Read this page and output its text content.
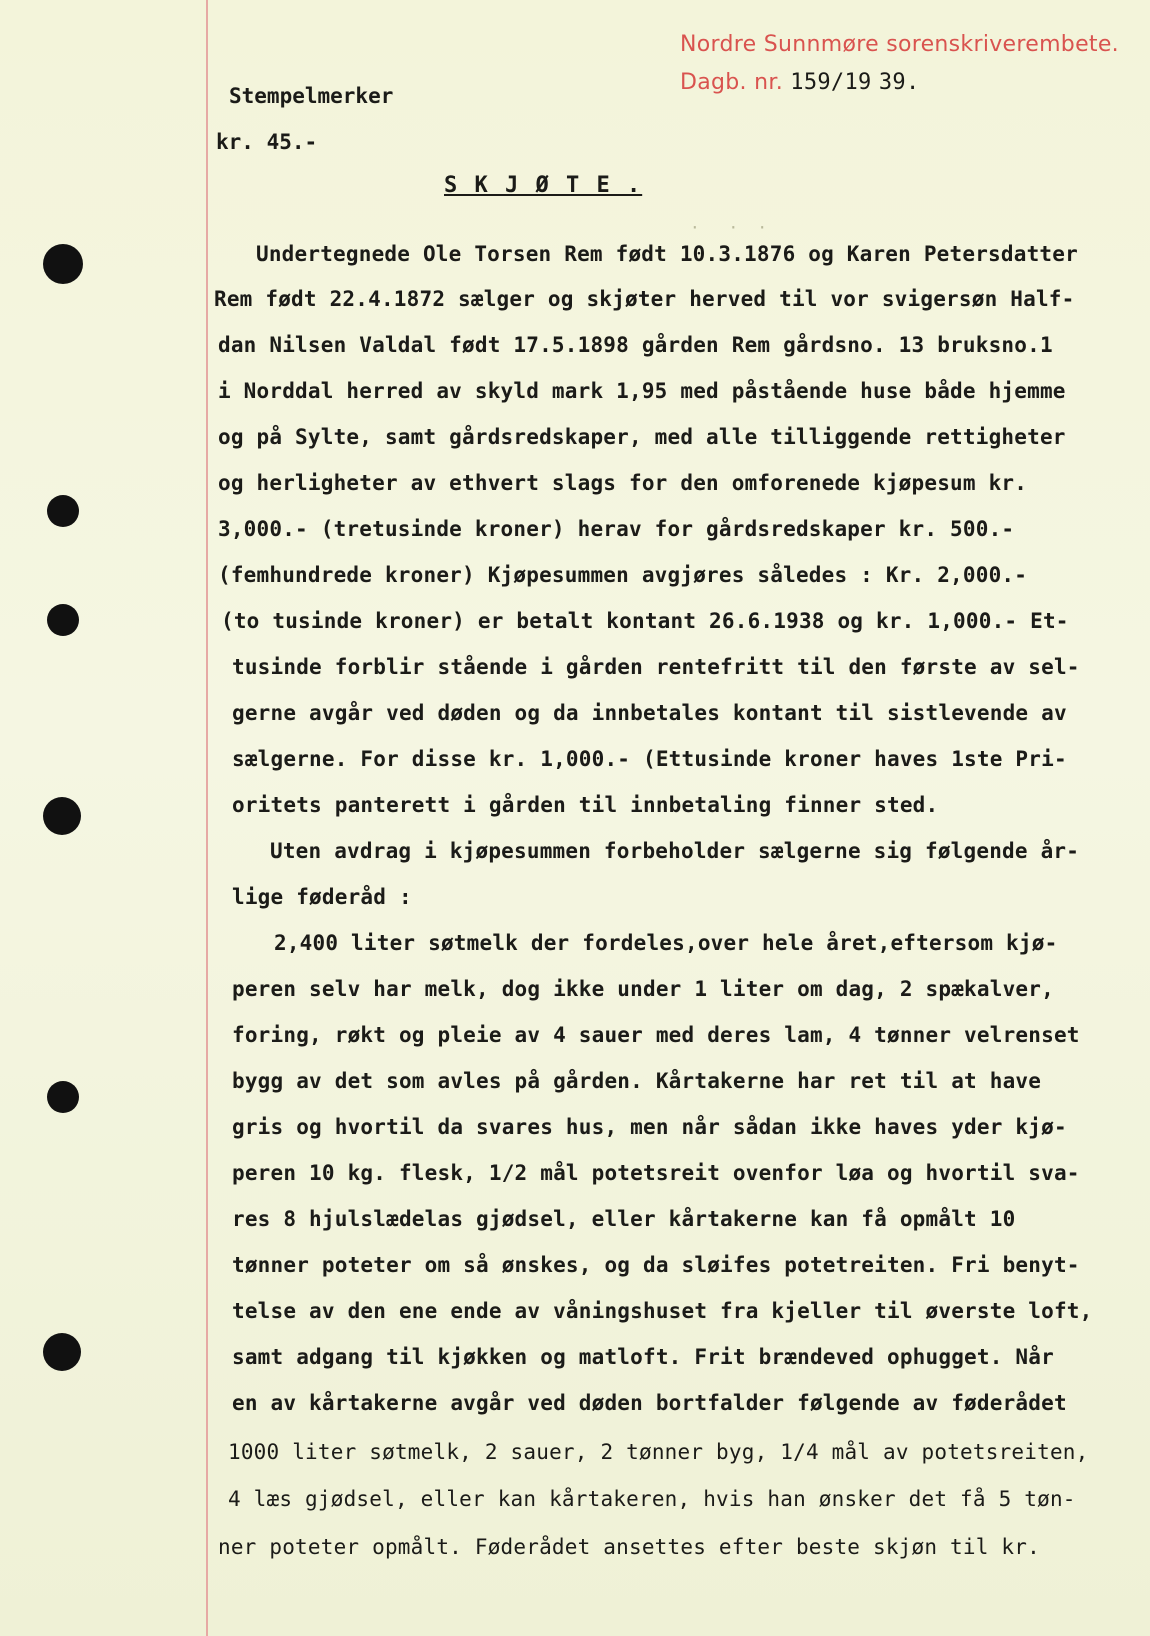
Nordre Sunnmøre sorenskriverembete.
Dagb. nr. 159/19 39.
Stempelmerker
kr. 45.-
S K J Ø T E .
·   ·  ·
Undertegnede Ole Torsen Rem født 10.3.1876 og Karen Petersdatter
Rem født 22.4.1872 sælger og skjøter herved til vor svigersøn Half-
dan Nilsen Valdal født 17.5.1898 gården Rem gårdsno. 13 bruksno.1
i Norddal herred av skyld mark 1,95 med påstående huse både hjemme
og på Sylte, samt gårdsredskaper, med alle tilliggende rettigheter
og herligheter av ethvert slags for den omforenede kjøpesum kr.
3,000.- (tretusinde kroner) herav for gårdsredskaper kr. 500.-
(femhundrede kroner) Kjøpesummen avgjøres således : Kr. 2,000.-
(to tusinde kroner) er betalt kontant 26.6.1938 og kr. 1,000.- Et-
tusinde forblir stående i gården rentefritt til den første av sel-
gerne avgår ved døden og da innbetales kontant til sistlevende av
sælgerne. For disse kr. 1,000.- (Ettusinde kroner haves 1ste Pri-
oritets panterett i gården til innbetaling finner sted.
Uten avdrag i kjøpesummen forbeholder sælgerne sig følgende år-
lige føderåd :
2,400 liter søtmelk der fordeles,over hele året,eftersom kjø-
peren selv har melk, dog ikke under 1 liter om dag, 2 spækalver,
foring, røkt og pleie av 4 sauer med deres lam, 4 tønner velrenset
bygg av det som avles på gården. Kårtakerne har ret til at have
gris og hvortil da svares hus, men når sådan ikke haves yder kjø-
peren 10 kg. flesk, 1/2 mål potetsreit ovenfor løa og hvortil sva-
res 8 hjulslædelas gjødsel, eller kårtakerne kan få opmålt 10
tønner poteter om så ønskes, og da sløifes potetreiten. Fri benyt-
telse av den ene ende av våningshuset fra kjeller til øverste loft,
samt adgang til kjøkken og matloft. Frit brændeved ophugget. Når
en av kårtakerne avgår ved døden bortfalder følgende av føderådet
1000 liter søtmelk, 2 sauer, 2 tønner byg, 1/4 mål av potetsreiten,
4 læs gjødsel, eller kan kårtakeren, hvis han ønsker det få 5 tøn-
ner poteter opmålt. Føderådet ansettes efter beste skjøn til kr.
